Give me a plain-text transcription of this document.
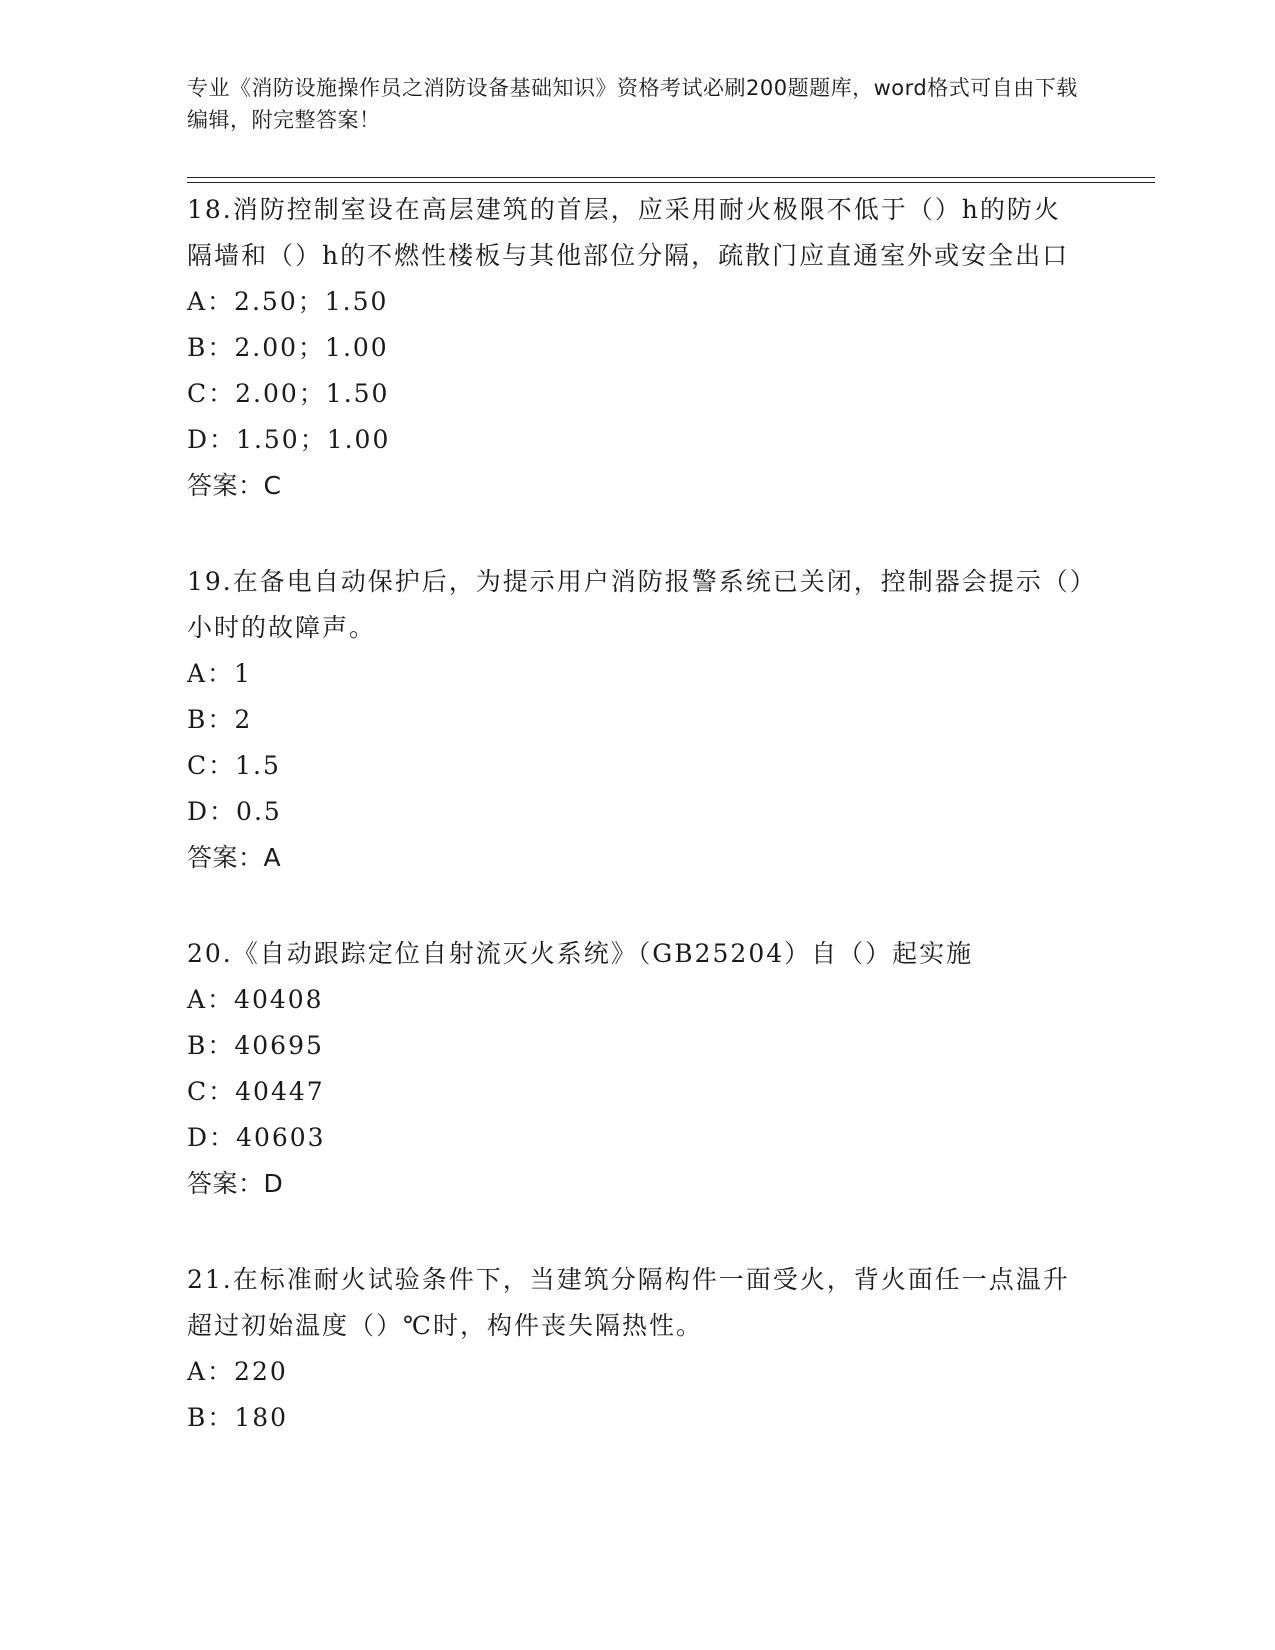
专业《消防设施操作员之消防设备基础知识》资格考试必刷200题题库，word格式可自由下载编辑，附完整答案！
18.消防控制室设在高层建筑的首层，应采用耐火极限不低于（）h的防火隔墙和（）h的不燃性楼板与其他部位分隔，疏散门应直通室外或安全出口
A：2.50；1.50
B：2.00；1.00
C：2.00；1.50
D：1.50；1.00
答案：C
19.在备电自动保护后，为提示用户消防报警系统已关闭，控制器会提示（）小时的故障声。
A：1
B：2
C：1.5
D：0.5
答案：A
20.《自动跟踪定位自射流灭火系统》（GB25204）自（）起实施
A：40408
B：40695
C：40447
D：40603
答案：D
21.在标准耐火试验条件下，当建筑分隔构件一面受火，背火面任一点温升超过初始温度（）℃时，构件丧失隔热性。
A：220
B：180
